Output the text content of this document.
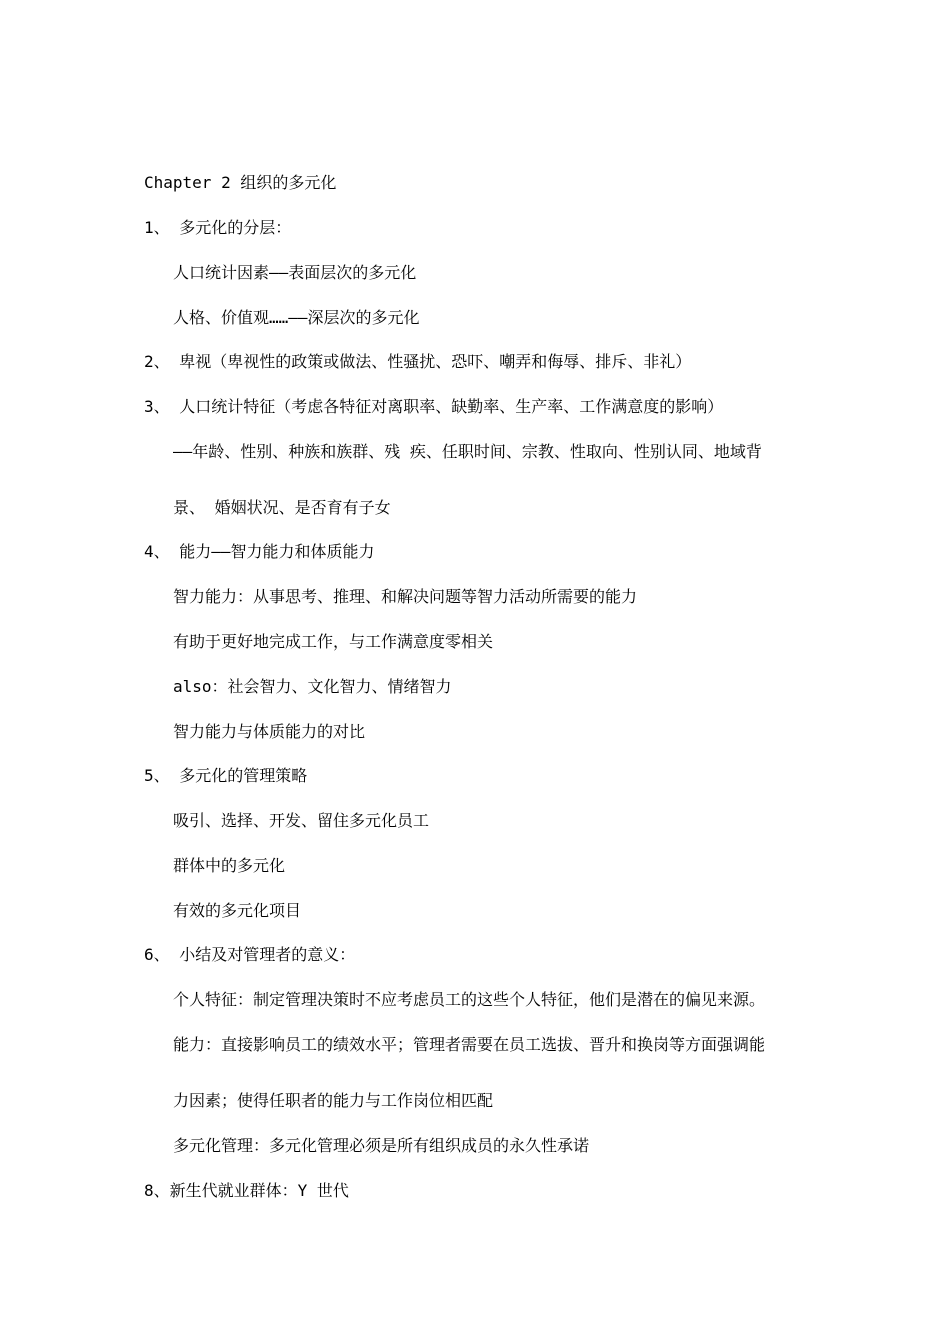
Chapter 2 组织的多元化
1、 多元化的分层：
人口统计因素——表面层次的多元化
人格、价值观……——深层次的多元化
2、 卑视（卑视性的政策或做法、性骚扰、恐吓、嘲弄和侮辱、排斥、非礼）
3、 人口统计特征（考虑各特征对离职率、缺勤率、生产率、工作满意度的影响）
——年龄、性别、种族和族群、残 疾、任职时间、宗教、性取向、性别认同、地域背
景、 婚姻状况、是否育有子女
4、 能力——智力能力和体质能力
智力能力：从事思考、推理、和解决问题等智力活动所需要的能力
有助于更好地完成工作，与工作满意度零相关
also：社会智力、文化智力、情绪智力
智力能力与体质能力的对比
5、 多元化的管理策略
吸引、选择、开发、留住多元化员工
群体中的多元化
有效的多元化项目
6、 小结及对管理者的意义：
个人特征：制定管理决策时不应考虑员工的这些个人特征，他们是潜在的偏见来源。
能力：直接影响员工的绩效水平；管理者需要在员工选拔、晋升和换岗等方面强调能
力因素；使得任职者的能力与工作岗位相匹配
多元化管理：多元化管理必须是所有组织成员的永久性承诺
8、新生代就业群体：Y 世代
